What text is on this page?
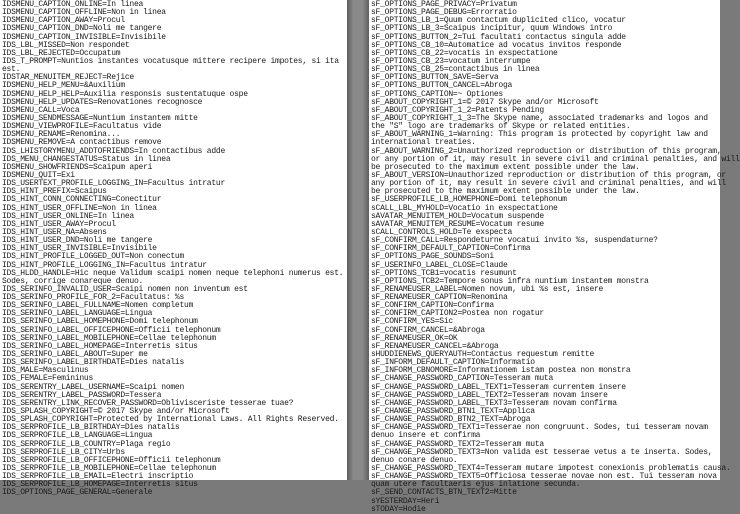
IDSMENU_CAPTION_ONLINE=In linea
IDSMENU_CAPTION_OFFLINE=Non in linea
IDSMENU_CAPTION_AWAY=Procul
IDSMENU_CAPTION_DND=Noli me tangere
IDSMENU_CAPTION_INVISIBLE=Invisibile
IDS_LBL_MISSED=Non respondet
IDS_LBL_REJECTED=Occupatum
IDS_T_PROMPT=Nuntios instantes vocatusque mittere recipere impotes, si ita
est.
IDSTAR_MENUITEM_REJECT=Rejice
IDSMENU_HELP_MENU=&Auxilium
IDSMENU_HELP_HELP=Auxilia responsis sustentatuque ospe
IDSMENU_HELP_UPDATES=Renovationes recognosce
IDSMENU_CALL=Voca
IDSMENU_SENDMESSAGE=Nuntium instantem mitte
IDSMENU_VIEWPROFILE=Facultatus vide
IDSMENU_RENAME=Renomina...
IDSMENU_REMOVE=A contactibus remove
IDS_LHISTORYMENU_ADDTOFRIENDS=In contactibus adde
IDS_MENU_CHANGESTATUS=Status in linea
IDSMENU_SHOWFRIENDS=Scaipum aperi
IDSMENU_QUIT=Exi
IDS_USERTEXT_PROFILE_LOGGING_IN=Facultus intratur
IDS_HINT_PREFIX=Scaipus
IDS_HINT_CONN_CONNECTING=Conectitur
IDS_HINT_USER_OFFLINE=Non in linea
IDS_HINT_USER_ONLINE=In linea
IDS_HINT_USER_AWAY=Procul
IDS_HINT_USER_NA=Absens
IDS_HINT_USER_DND=Noli me tangere
IDS_HINT_USER_INVISIBLE=Invisibile
IDS_HINT_PROFILE_LOGGED_OUT=Non conectum
IDS_HINT_PROFILE_LOGGING_IN=Facultus intratur
IDS_HLDD_HANDLE=Hic neque Validum scaipi nomen neque telephoni numerus est.
Sodes, corrige conareque denuo.
IDS_SERINFO_INVALID_USER=Scaipi nomen non inventum est
IDS_SERINFO_PROFILE_FOR_2=Facultatus: %s
IDS_SERINFO_LABEL_FULLNAME=Nomen completum
IDS_SERINFO_LABEL_LANGUAGE=Lingua
IDS_SERINFO_LABEL_HOMEPHONE=Domi telephonum
IDS_SERINFO_LABEL_OFFICEPHONE=Officii telephonum
IDS_SERINFO_LABEL_MOBILEPHONE=Cellae telephonum
IDS_SERINFO_LABEL_HOMEPAGE=Interretis situs
IDS_SERINFO_LABEL_ABOUT=Super me
IDS_SERINFO_LABEL_BIRTHDATE=Dies natalis
IDS_MALE=Masculinus
IDS_FEMALE=Femininus
IDS_SERENTRY_LABEL_USERNAME=Scaipi nomen
IDS_SERENTRY_LABEL_PASSWORD=Tessera
IDS_SERENTRY_LINK_RECOVER_PASSWORD=Oblivisceriste tesserae tuae?
IDS_SPLASH_COPYRIGHT=© 2017 Skype and/or Microsoft
IDS_SPLASH_COPYRIGHT=Protected by International Laws. All Rights Reserved.
IDS_SERPROFILE_LB_BIRTHDAY=Dies natalis
IDS_SERPROFILE_LB_LANGUAGE=Lingua
IDS_SERPROFILE_LB_COUNTRY=Plaga regio
IDS_SERPROFILE_LB_CITY=Urbs
IDS_SERPROFILE_LB_OFFICEPHONE=Officii telephonum
IDS_SERPROFILE_LB_MOBILEPHONE=Cellae telephonum
IDS_SERPROFILE_LB_EMAIL=Electri inscriptio
IDS_SERPROFILE_LB_HOMEPAGE=Interretis situs
IDS_OPTIONS_PAGE_GENERAL=Generale
sF_OPTIONS_PAGE_PRIVACY=Privatum
sF_OPTIONS_PAGE_DEBUG=Errorratio
sF_OPTIONS_LB_1=Quum contactum duplicited clico, vocatur
sF_OPTIONS_LB_3=Scaipus incipitur, quum Windows intro
sF_OPTIONS_BUTTON_2=Tui facultati contactus singula adde
sF_OPTIONS_CB_10=Automatice ad vocatus invitos responde
sF_OPTIONS_CB_22=vocatis in exspectatione
sF_OPTIONS_CB_23=vocatum interrumpe
sF_OPTIONS_CB_25=contactibus in linea
sF_OPTIONS_BUTTON_SAVE=Serva
sF_OPTIONS_BUTTON_CANCEL=Abroga
sF_OPTIONS_CAPTION=~ Optiones
sF_ABOUT_COPYRIGHT_1=© 2017 Skype and/or Microsoft
sF_ABOUT_COPYRIGHT_1_2=Patents Pending
sF_ABOUT_COPYRIGHT_1_3=The Skype name, associated trademarks and logos and
the "S" logo are trademarks of Skype or related entities.
sF_ABOUT_WARNING_1=Warning: This program is protected by copyright law and
international treaties.
sF_ABOUT_WARNING_2=Unauthorized reproduction or distribution of this program,
or any portion of it, may result in severe civil and criminal penalties, and will
be prosecuted to the maximum extent possible under the law.
sF_ABOUT_VERSION=Unauthorized reproduction or distribution of this program, or
any portion of it, may result in severe civil and criminal penalties, and will
be prosecuted to the maximum extent possible under the law.
sF_USERPROFILE_LB_HOMEPHONE=Domi telephonum
sCALL_LBL_MYHOLD=Vocatio in exspectatione
sAVATAR_MENUITEM_HOLD=Vocatum suspende
sAVATAR_MENUITEM_RESUME=Vocatum resume
sCALL_CONTROLS_HOLD=Te exspecta
sF_CONFIRM_CALL=Respondeturne vocatui invito %s, suspendaturne?
sF_CONFIRM_DEFAULT_CAPTION=Confirma
sF_OPTIONS_PAGE_SOUNDS=Soni
sF_USERINFO_LABEL_CLOSE=Claude
sF_OPTIONS_TCB1=vocatis resumunt
sF_OPTIONS_TCB2=Tempore sonus infra nuntium instantem monstra
sF_RENAMEUSER_LABEL=Nomen novum, ubi %s est, insere
sF_RENAMEUSER_CAPTION=Renomina
sF_CONFIRM_CAPTION=Confirma
sF_CONFIRM_CAPTION2=Postea non rogatur
sF_CONFIRM_YES=Sic
sF_CONFIRM_CANCEL=&Abroga
sF_RENAMEUSER_OK=OK
sF_RENAMEUSER_CANCEL=&Abroga
sHUDDIENEWS_QUERYAUTH=Contactus requestum remitte
sF_INFORM_DEFAULT_CAPTION=Informatio
sF_INFORM_CBNOMORE=Informationem istam postea non monstra
sF_CHANGE_PASSWORD_CAPTION=Tesseram muta
sF_CHANGE_PASSWORD_LABEL_TEXT1=Tesseram currentem insere
sF_CHANGE_PASSWORD_LABEL_TEXT2=Tesseram novam insere
sF_CHANGE_PASSWORD_LABEL_TEXT3=Tesseram novam confirma
sF_CHANGE_PASSWORD_BTN1_TEXT=Applica
sF_CHANGE_PASSWORD_BTN2_TEXT=Abroga
sF_CHANGE_PASSWORD_TEXT1=Tesserae non congruunt. Sodes, tui tesseram novam
denuo insere et confirma
sF_CHANGE_PASSWORD_TEXT2=Tesseram muta
sF_CHANGE_PASSWORD_TEXT3=Non valida est tesserae vetus a te inserta. Sodes,
denuo conare denuo.
sF_CHANGE_PASSWORD_TEXT4=Tesseram mutare impotest conexionis problematis causa.
sF_CHANGE_PASSWORD_TEXT5=Officiosa tesserae novae non est. Tui tesseram nova
quam utere facultaeris ejus inlatione secunda.
sF_SEND_CONTACTS_BTN_TEXT2=Mitte
sYESTERDAY=Heri
sTODAY=Hodie
